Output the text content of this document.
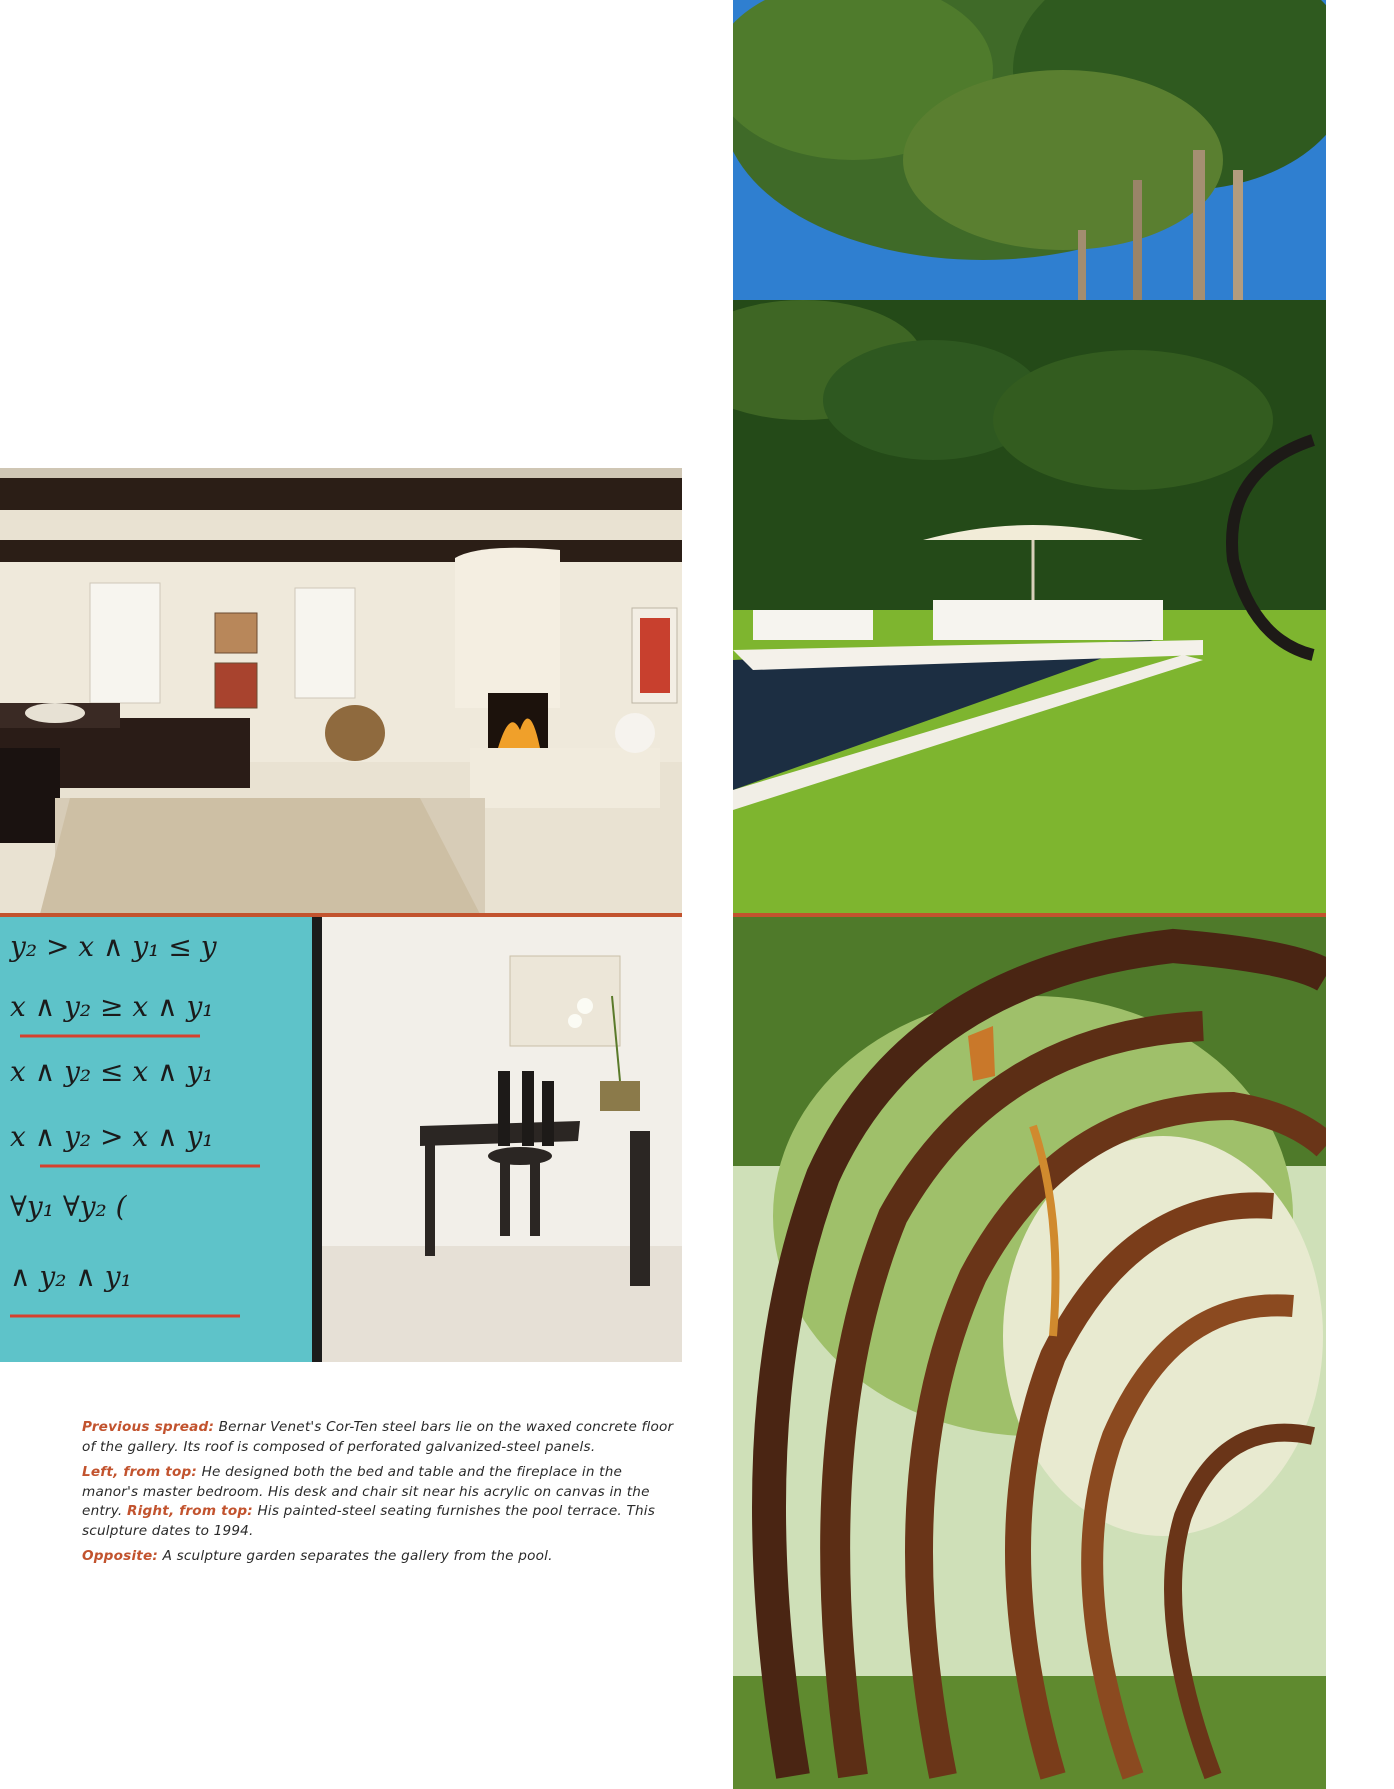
y₂ > x ∧ y₁ ≤ y
x ∧ y₂ ≥ x ∧ y₁
x ∧ y₂ ≤ x ∧ y₁
x ∧ y₂ > x ∧ y₁
∀y₁ ∀y₂ (
∧ y₂ ∧ y₁

Previous spread: Bernar Venet's Cor-Ten steel bars lie on the waxed concrete floor of the gallery. Its roof is composed of perforated galvanized-steel panels.

Left, from top: He designed both the bed and table and the fireplace in the manor's master bedroom. His desk and chair sit near his acrylic on canvas in the entry. Right, from top: His painted-steel seating furnishes the pool terrace. This sculpture dates to 1994.

Opposite: A sculpture garden separates the gallery from the pool.
